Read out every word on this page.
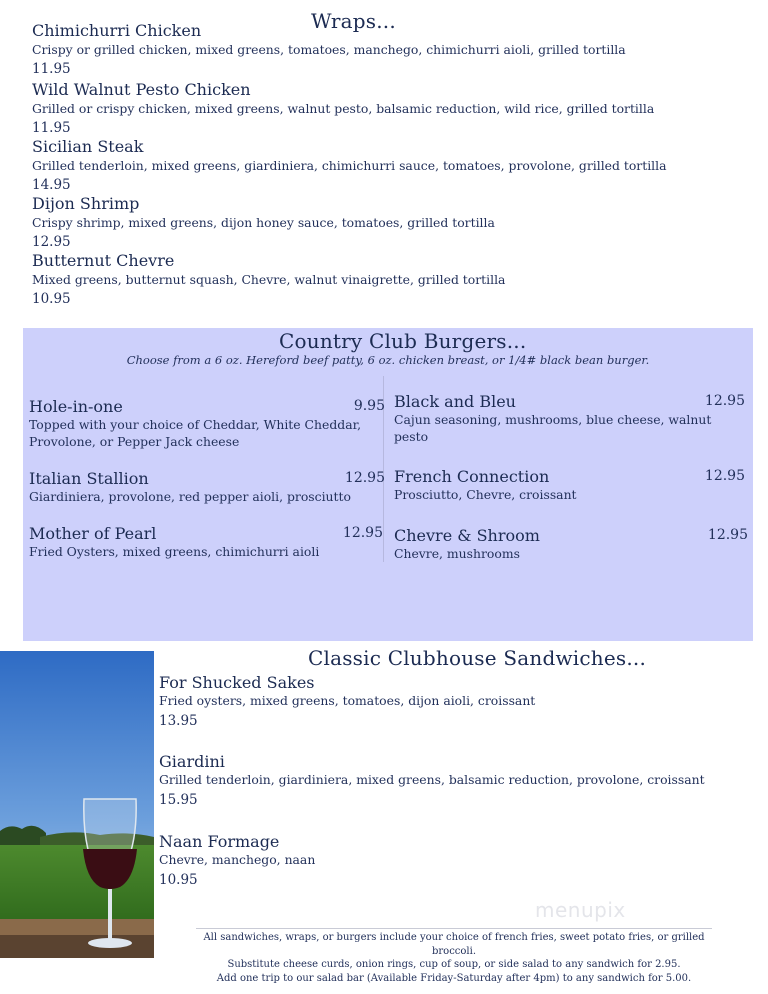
Wraps...
Chimichurri Chicken
Crispy or grilled chicken, mixed greens, tomatoes, manchego, chimichurri aioli, grilled tortilla
11.95
Wild Walnut Pesto Chicken
Grilled or crispy chicken, mixed greens, walnut pesto, balsamic reduction, wild rice, grilled tortilla
11.95
Sicilian Steak
Grilled tenderloin, mixed greens, giardiniera, chimichurri sauce, tomatoes, provolone, grilled tortilla
14.95
Dijon Shrimp
Crispy shrimp, mixed greens, dijon honey sauce, tomatoes, grilled tortilla
12.95
Butternut Chevre
Mixed greens, butternut squash, Chevre, walnut vinaigrette, grilled tortilla
10.95
Country Club Burgers...
Choose from a 6 oz. Hereford beef patty, 6 oz. chicken breast, or 1/4# black bean burger.
Hole-in-one	9.95
Topped with your choice of Cheddar, White Cheddar,
Provolone, or Pepper Jack cheese
Italian Stallion	12.95
Giardiniera, provolone, red pepper aioli, prosciutto
Mother of Pearl	12.95
Fried Oysters, mixed greens, chimichurri aioli
Black and Bleu	12.95
Cajun seasoning, mushrooms, blue cheese, walnut pesto
French Connection	12.95
Prosciutto, Chevre, croissant
Chevre & Shroom	12.95
Chevre, mushrooms
Classic Clubhouse Sandwiches...
For Shucked Sakes
Fried oysters, mixed greens, tomatoes, dijon aioli, croissant
13.95
Giardini
Grilled tenderloin, giardiniera, mixed greens, balsamic reduction, provolone, croissant
15.95
Naan Formage
Chevre, manchego, naan
10.95
menupix
All sandwiches, wraps, or burgers include your choice of french fries, sweet potato fries, or grilled broccoli.
Substitute cheese curds, onion rings, cup of soup, or side salad to any sandwich for 2.95.
Add one trip to our salad bar (Available Friday-Saturday after 4pm) to any sandwich for 5.00.
